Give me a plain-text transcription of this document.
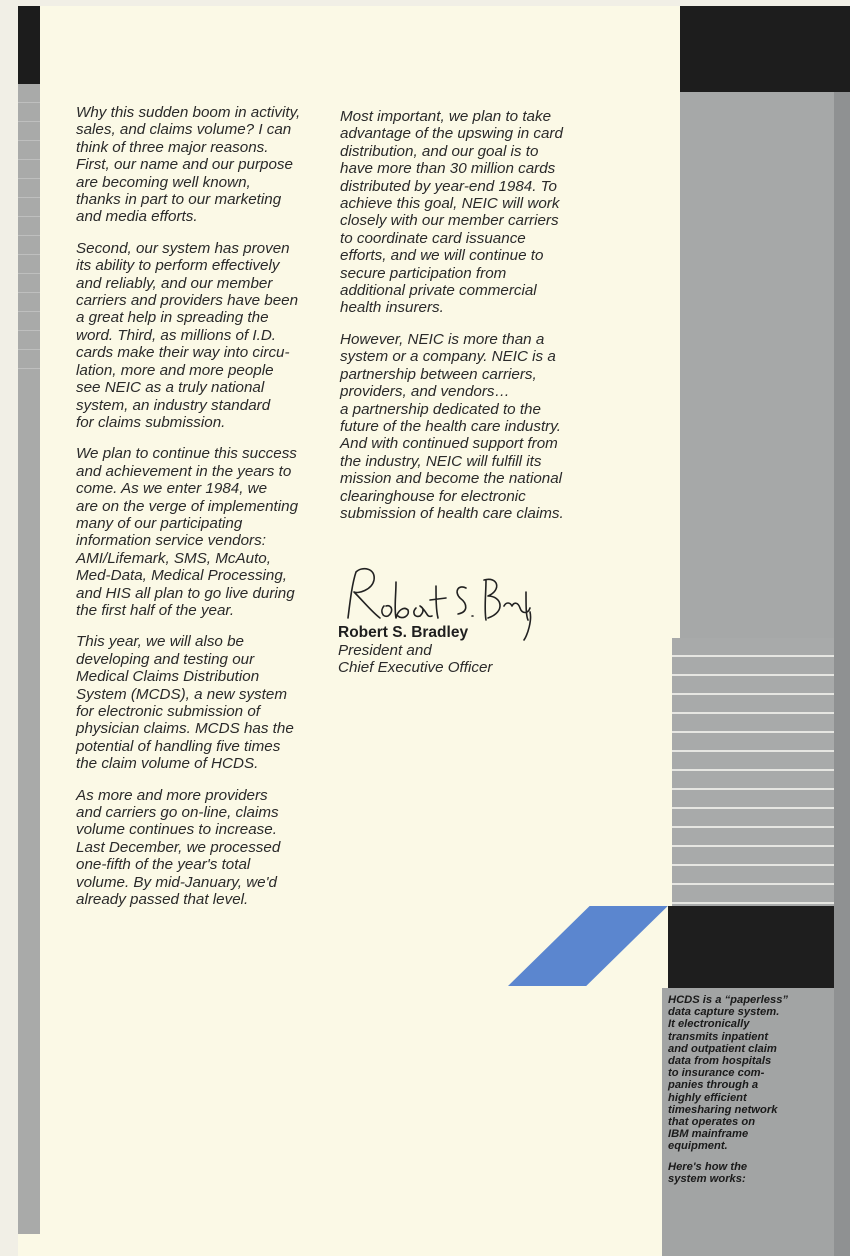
Why this sudden boom in activity,
sales, and claims volume? I can
think of three major reasons.
First, our name and our purpose
are becoming well known,
thanks in part to our marketing
and media efforts.

Second, our system has proven
its ability to perform effectively
and reliably, and our member
carriers and providers have been
a great help in spreading the
word. Third, as millions of I.D.
cards make their way into circu-
lation, more and more people
see NEIC as a truly national
system, an industry standard
for claims submission.

We plan to continue this success
and achievement in the years to
come. As we enter 1984, we
are on the verge of implementing
many of our participating
information service vendors:
AMI/Lifemark, SMS, McAuto,
Med-Data, Medical Processing,
and HIS all plan to go live during
the first half of the year.

This year, we will also be
developing and testing our
Medical Claims Distribution
System (MCDS), a new system
for electronic submission of
physician claims. MCDS has the
potential of handling five times
the claim volume of HCDS.

As more and more providers
and carriers go on-line, claims
volume continues to increase.
Last December, we processed
one-fifth of the year's total
volume. By mid-January, we'd
already passed that level.

Most important, we plan to take
advantage of the upswing in card
distribution, and our goal is to
have more than 30 million cards
distributed by year-end 1984. To
achieve this goal, NEIC will work
closely with our member carriers
to coordinate card issuance
efforts, and we will continue to
secure participation from
additional private commercial
health insurers.

However, NEIC is more than a
system or a company. NEIC is a
partnership between carriers,
providers, and vendors…
a partnership dedicated to the
future of the health care industry.
And with continued support from
the industry, NEIC will fulfill its
mission and become the national
clearinghouse for electronic
submission of health care claims.

Robert S. Bradley
President and
Chief Executive Officer

HCDS is a “paperless”
data capture system.
It electronically
transmits inpatient
and outpatient claim
data from hospitals
to insurance com-
panies through a
highly efficient
timesharing network
that operates on
IBM mainframe
equipment.

Here's how the
system works:
